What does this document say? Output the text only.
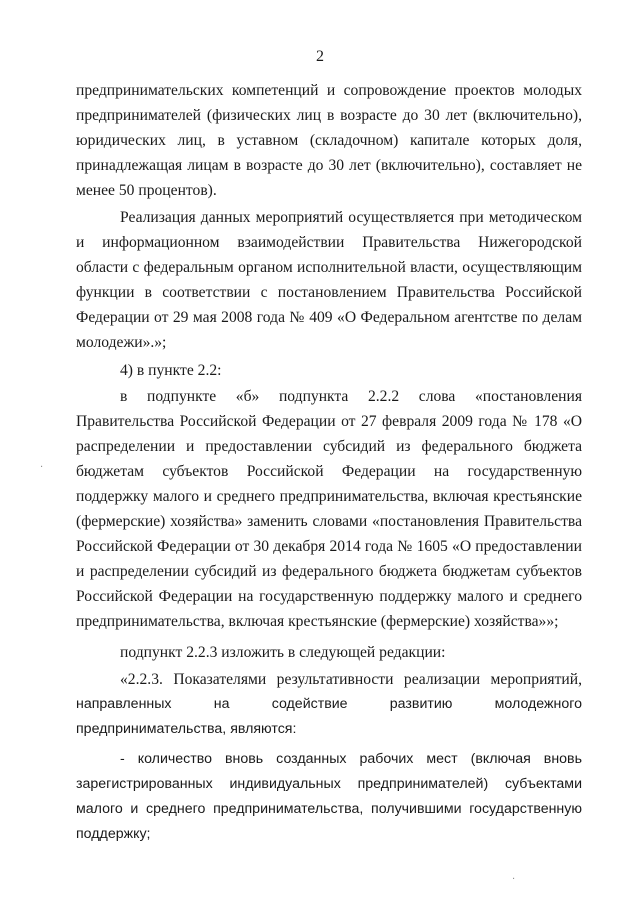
2
предпринимательских компетенций и сопровождение проектов молодых
предпринимателей (физических лиц в возрасте до 30 лет (включительно),
юридических лиц, в уставном (складочном) капитале которых доля,
принадлежащая лицам в возрасте до 30 лет (включительно), составляет не
менее 50 процентов).
Реализация данных мероприятий осуществляется при методическом
и информационном взаимодействии Правительства Нижегородской
области с федеральным органом исполнительной власти, осуществляющим
функции в соответствии с постановлением Правительства Российской
Федерации от 29 мая 2008 года № 409 «О Федеральном агентстве по делам
молодежи».»;
4) в пункте 2.2:
в подпункте «б» подпункта 2.2.2 слова «постановления
Правительства Российской Федерации от 27 февраля 2009 года № 178 «О
распределении и предоставлении субсидий из федерального бюджета
бюджетам субъектов Российской Федерации на государственную
поддержку малого и среднего предпринимательства, включая крестьянские
(фермерские) хозяйства» заменить словами «постановления Правительства
Российской Федерации от 30 декабря 2014 года № 1605 «О предоставлении
и распределении субсидий из федерального бюджета бюджетам субъектов
Российской Федерации на государственную поддержку малого и среднего
предпринимательства, включая крестьянские (фермерские) хозяйства»»;
подпункт 2.2.3 изложить в следующей редакции:
«2.2.3. Показателями результативности реализации мероприятий,
направленных на содействие развитию молодежного
предпринимательства, являются:
- количество вновь созданных рабочих мест (включая вновь
зарегистрированных индивидуальных предпринимателей) субъектами
малого и среднего предпринимательства, получившими государственную
поддержку;
·
·
